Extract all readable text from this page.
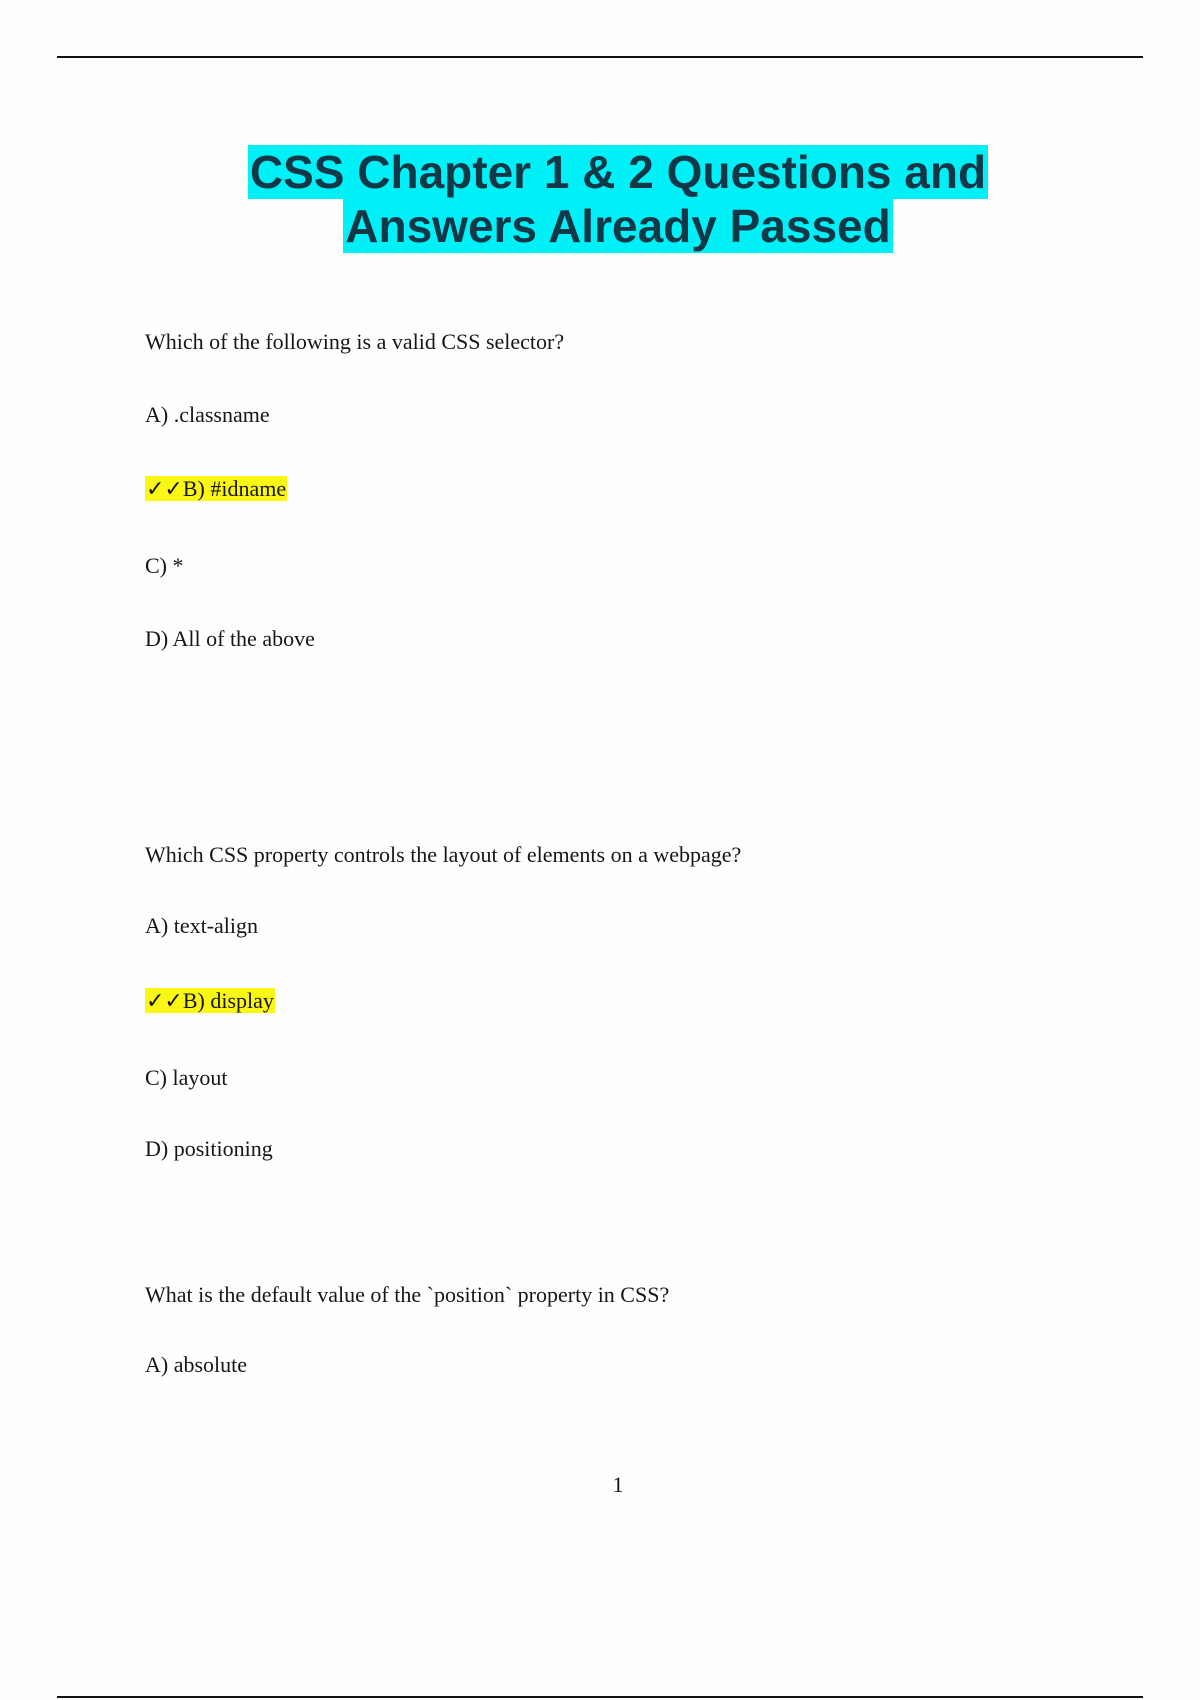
CSS Chapter 1 & 2 Questions and
Answers Already Passed
Which of the following is a valid CSS selector?
A) .classname
✓✓B) #idname
C) *
D) All of the above
Which CSS property controls the layout of elements on a webpage?
A) text-align
✓✓B) display
C) layout
D) positioning
What is the default value of the `position` property in CSS?
A) absolute
1
